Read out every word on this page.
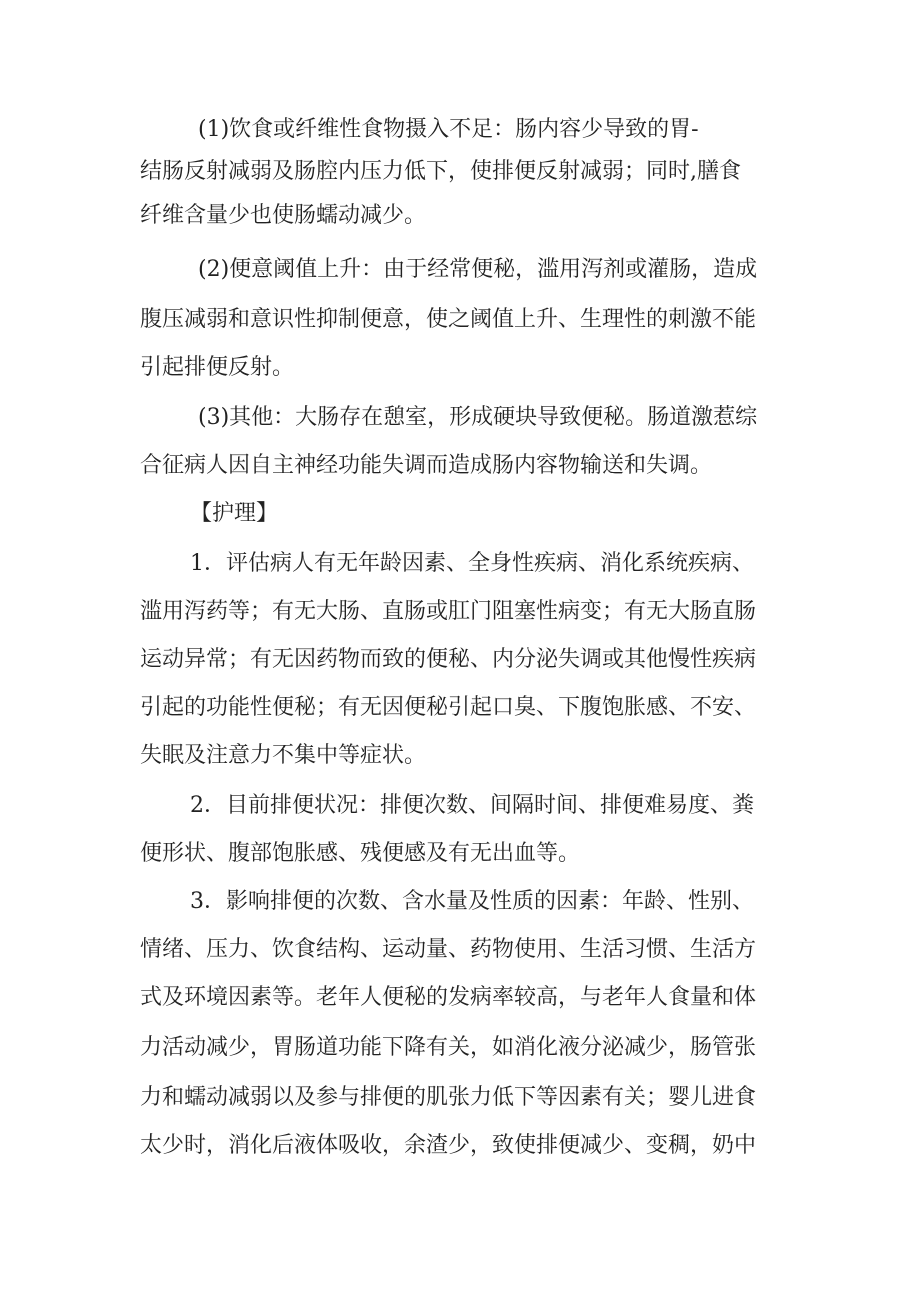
(1)饮食或纤维性食物摄入不足：肠内容少导致的胃-
结肠反射减弱及肠腔内压力低下，使排便反射减弱；同时,膳食
纤维含量少也使肠蠕动减少。
(2)便意阈值上升：由于经常便秘，滥用泻剂或灌肠，造成
腹压减弱和意识性抑制便意，使之阈值上升、生理性的刺激不能
引起排便反射。
(3)其他：大肠存在憩室，形成硬块导致便秘。肠道激惹综
合征病人因自主神经功能失调而造成肠内容物输送和失调。
【护理】
1．评估病人有无年龄因素、全身性疾病、消化系统疾病、
滥用泻药等；有无大肠、直肠或肛门阻塞性病变；有无大肠直肠
运动异常；有无因药物而致的便秘、内分泌失调或其他慢性疾病
引起的功能性便秘；有无因便秘引起口臭、下腹饱胀感、不安、
失眠及注意力不集中等症状。
2．目前排便状况：排便次数、间隔时间、排便难易度、粪
便形状、腹部饱胀感、残便感及有无出血等。
3．影响排便的次数、含水量及性质的因素：年龄、性别、
情绪、压力、饮食结构、运动量、药物使用、生活习惯、生活方
式及环境因素等。老年人便秘的发病率较高，与老年人食量和体
力活动减少，胃肠道功能下降有关，如消化液分泌减少，肠管张
力和蠕动减弱以及参与排便的肌张力低下等因素有关；婴儿进食
太少时，消化后液体吸收，余渣少，致使排便减少、变稠，奶中
